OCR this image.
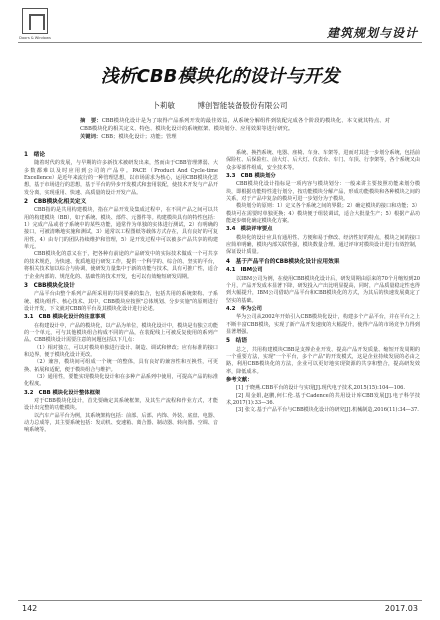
Doors & Windows	建筑规划与设计
浅析CBB模块化的设计与开发
卜莉敏	博创智能装备股份有限公司
摘　要：CBB模块化设计是为了取得产品系列开发的最佳效益，从系统分解组件到装配完成各个阶段的模块化、本文就其特点、对CBB模块化的相关定义、特色、模块化设计的系统框架、模块划分、应用效果等进行研究。
关键词：CBB；模块化设计；功能；管理
1　绪论
随着时代的发展，与早期的许多新技术被研发出来，然而由于CBB管理薄弱、大多数都难以及时应用到公司的产品中。PACE（Product And Cycle-time Excellence）是近年来流行的一种管理思想，以市场需求为核心，运用CBB模块化思想，基于市场进行的思想，基于平台的异步开发模式和套用装配，使技术开发与产品开发分离，实现重用、快速、高质量的设计开发产品。
2　CBB模块化相关定义
CBB指的是共用构建模块，指在产品开发及集成过程中，在不同产品之间可以共用的构建模块（BB），如子系统、模块、部件、元器件等。构建模块具有的特性包括：1）完成产品或者子系统中的某些功能，通常作为单独的实体进行测试，2）有明确的接口，可被清晰地实施和测试，3）通常以工程图纸等载体方式存在，具有良好的可复用性，4）由专门的团队持续维护和管理，5）是开发过程中可以被多产品共享的构建单元。
CBB模块化的意义在于，把各种有前途的产品研发中的实际技术做成一个可共享的技术规范，为快速、优质地进行研发工作，提供一个科学的、综合的、坚实的平台，将相关技术加以综合与协调，使研发力量集中于新的功能与技术，具有可推广性，适合于企业内部的、规范化的、基础性的技术开发，也可以有效缩短研发周期。
3　CBB模块化设计
产品平台由整个系列产品所采用的共同要素的集合，包括共用的系统架构、子系统、模块/组件、核心技术、其中，CBB模块应按照"总体规划、分步实施"的原则进行设计开发，下文就对CBB的平台及其模块化设计进行论述。
3.1　CBB 模块化设计的注意事项
在构建设计中，产品的模块化，以产品为单位，模块化设计中，模块是有独立功能的一个单元，可与其他模块组合构成不同的产品，在装配线上可被反复使用的系列产品。CBB模块设计需要注意的问题包括以下几点：
（1）相对独立，可以对模块单独进行设计、制造、调试和修改；应有标准的接口和边界，便于模块化设计更改。
（2）兼容，模块间可组成一个统一的整体，具有良好的兼容性和互换性，可更换、拓展和适配，便于模块组合与维护。
（3）通用性，要能实现模块化设计和在多种产品系列中使用，可提高产品的标准化程度。
3.2　CBB 模块化设计整体框架
对于CBB模块化设计，首先要确定其系统框架，及其生产流程和作业方式，才能设计出完整的功能模块。
以汽车产品平台为例，其系统架构包括：前部、后部、内饰、外装、底盘、电器、动力总成等，其主要系统包括：发动机、变速箱、离合器、制动器、转向器、空调、音响系统等。
系统、换挡系统、电器、座椅、车身、车架等，进而对其进一步划分系统，包括前保险杠、后保险杠、前大灯、后大灯、仪表台、车门、车顶、行李架等，各个系统又由众多零部件组成，安全技术等。
3.3　CBB 模块划分
CBB模块化设计指标是一项内容与模块划分：一般来讲主要按照功能来划分模块，即根据功能特性进行划分，按功能模块分解产品，形成功能模块和各种模块之间的关系，对于产品中复杂的模块可进一步划分为子模块。
模块划分的原则：1）定义各个系统之间的界限；2）确定模块的接口和功能；3）模块可在需要时单独更换；4）模块便于组装调试，适合大批量生产；5）根据产品功能逐步细化确定模块化方案。
3.4　模块评审要点
模块化的设计应具有通用性、方便和易于修改、经济性好的特点，模块之间的接口应简单明确，模块内部关联性强，模块数量合理。通过评审对模块设计进行有效控制，保证设计质量。
4　基于产品平台的CBB模块化设计应用效果
4.1　IBM公司
以IBM公司为例，在使用CBB模块化设计后，研发周期由原来的70个月缩短到20个月，产品开发成本显著下降，研发投入产出比明显提高，同时，产品质量稳定性也得到大幅提升，IBM公司借助产品平台和CBB模块化的方式，为其后的快速发展奠定了坚实的基础。
4.2　华为公司
华为公司从2002年开始引入CBB模块化设计，构建多个产品平台，并在平台之上不断丰富CBB模块，实现了新产品开发速度的大幅提升，使得产品的市场竞争力得到显著增强。
5　结语
总之，共用构建模块CBB是支撑企业开发、提高产品开发质量、缩短开发周期的一个重要方法，实现"一个平台，多个产品"的开发模式，这是企业持续发展的必由之路，利用CBB模块化的方法，企业可以更好地实现资源的共享和整合，提高研发效率，降低成本。
参考文献：
[1] 于晓燕.CBB平台的设计与实现[J].现代电子技术,2015(15):104—106.
[2] 周金娟,赵鹏,何仁伦.基于Cadence的共用设计库CBB发展[J].电子科学技术,2017(1):33—36.
[3] 张文.基于产品平台与CBB模块化设计的研究[J].机械制造,2016(11):34—37.
142	2017.03
